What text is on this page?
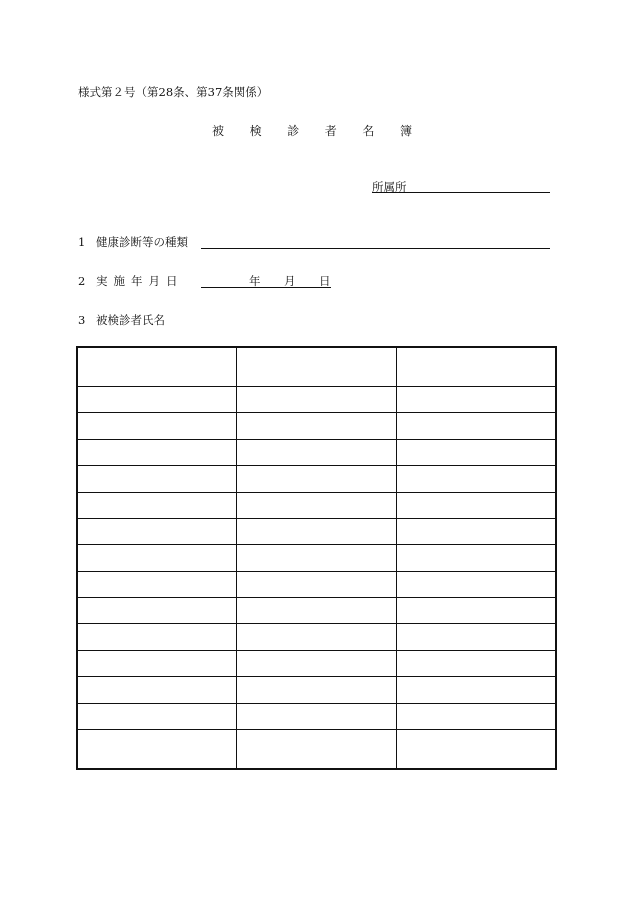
様式第２号（第28条、第37条関係）
被 検 診 者 名 簿
所属所
1 健康診断等の種類
2 実 施 年 月 日	年 月 日
3 被検診者氏名
